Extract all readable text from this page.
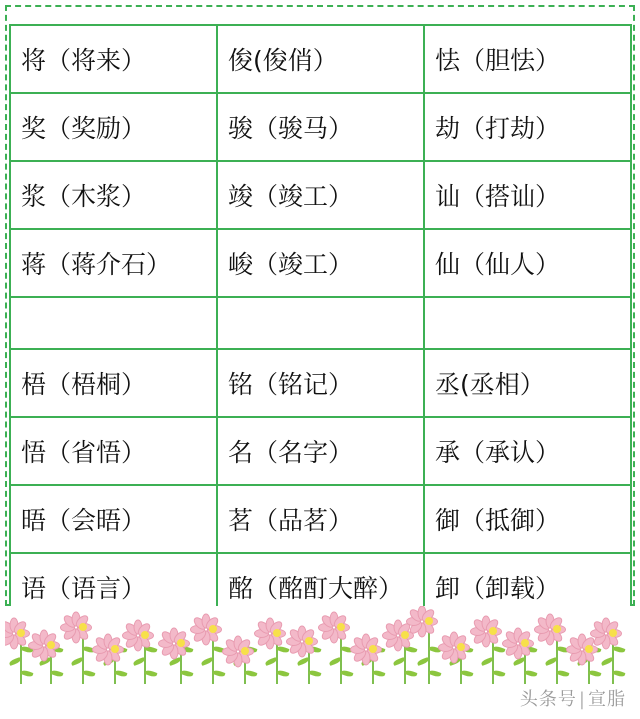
将（将来）	俊(俊俏）	怯（胆怯）
奖（奖励）	骏（骏马）	劫（打劫）
浆（木浆）	竣（竣工）	讪（搭讪）
蒋（蒋介石）	峻（竣工）	仙（仙人）

梧（梧桐）	铭（铭记）	丞(丞相）
悟（省悟）	名（名字）	承（承认）
晤（会晤）	茗（品茗）	御（抵御）
语（语言）	酩（酩酊大醉）	卸（卸载）
头条号 | 宣脂
